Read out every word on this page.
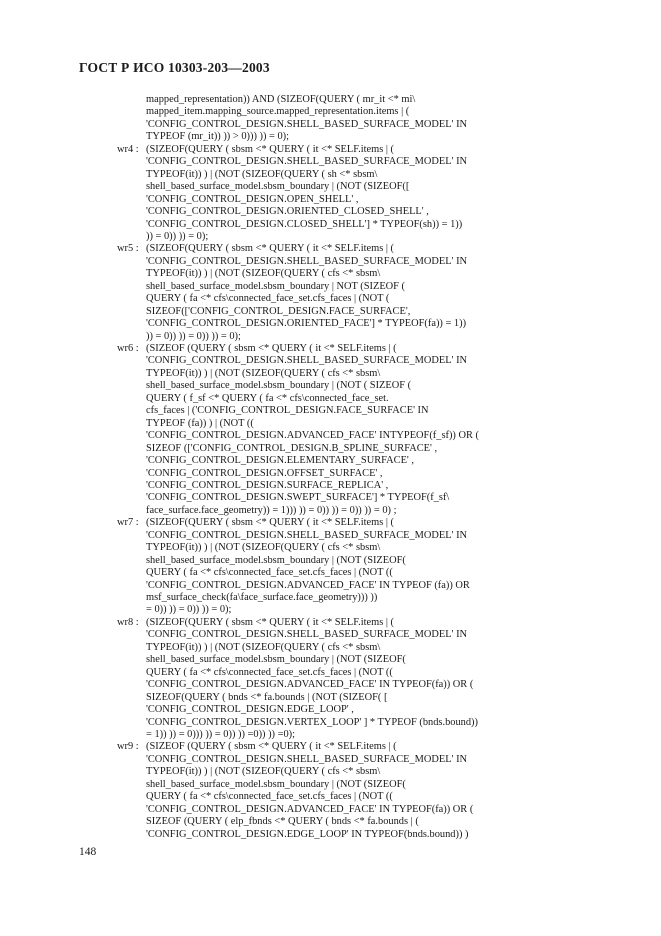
ГОСТ Р ИСО 10303-203—2003
mapped_representation)) AND (SIZEOF(QUERY ( mr_it <* mi\
mapped_item.mapping_source.mapped_representation.items | (
'CONFIG_CONTROL_DESIGN.SHELL_BASED_SURFACE_MODEL' IN
TYPEOF (mr_it)) )) > 0))) )) = 0);
wr4 : (SIZEOF(QUERY ( sbsm <* QUERY ( it <* SELF.items | (
'CONFIG_CONTROL_DESIGN.SHELL_BASED_SURFACE_MODEL' IN
TYPEOF(it)) ) | (NOT (SIZEOF(QUERY ( sh <* sbsm\
shell_based_surface_model.sbsm_boundary | (NOT (SIZEOF([
'CONFIG_CONTROL_DESIGN.OPEN_SHELL' ,
'CONFIG_CONTROL_DESIGN.ORIENTED_CLOSED_SHELL' ,
'CONFIG_CONTROL_DESIGN.CLOSED_SHELL'] * TYPEOF(sh)) = 1))
)) = 0)) )) = 0);
wr5 : (SIZEOF(QUERY ( sbsm <* QUERY ( it <* SELF.items | (
'CONFIG_CONTROL_DESIGN.SHELL_BASED_SURFACE_MODEL' IN
TYPEOF(it)) ) | (NOT (SIZEOF(QUERY ( cfs <* sbsm\
shell_based_surface_model.sbsm_boundary | NOT (SIZEOF (
QUERY ( fa <* cfs\connected_face_set.cfs_faces | (NOT (
SIZEOF(['CONFIG_CONTROL_DESIGN.FACE_SURFACE',
'CONFIG_CONTROL_DESIGN.ORIENTED_FACE'] * TYPEOF(fa)) = 1))
)) = 0)) )) = 0)) )) = 0);
wr6 : (SIZEOF (QUERY ( sbsm <* QUERY ( it <* SELF.items | (
'CONFIG_CONTROL_DESIGN.SHELL_BASED_SURFACE_MODEL' IN
TYPEOF(it)) ) | (NOT (SIZEOF(QUERY ( cfs <* sbsm\
shell_based_surface_model.sbsm_boundary | (NOT ( SIZEOF (
QUERY ( f_sf <* QUERY ( fa <* cfs\connected_face_set.
cfs_faces | ('CONFIG_CONTROL_DESIGN.FACE_SURFACE' IN
TYPEOF (fa)) ) | (NOT ((
'CONFIG_CONTROL_DESIGN.ADVANCED_FACE' INTYPEOF(f_sf)) OR (
SIZEOF (['CONFIG_CONTROL_DESIGN.B_SPLINE_SURFACE' ,
'CONFIG_CONTROL_DESIGN.ELEMENTARY_SURFACE' ,
'CONFIG_CONTROL_DESIGN.OFFSET_SURFACE' ,
'CONFIG_CONTROL_DESIGN.SURFACE_REPLICA' ,
'CONFIG_CONTROL_DESIGN.SWEPT_SURFACE'] * TYPEOF(f_sf\
face_surface.face_geometry)) = 1))) )) = 0)) )) = 0)) )) = 0) ;
wr7 : (SIZEOF(QUERY ( sbsm <* QUERY ( it <* SELF.items | (
'CONFIG_CONTROL_DESIGN.SHELL_BASED_SURFACE_MODEL' IN
TYPEOF(it)) ) | (NOT (SIZEOF(QUERY ( cfs <* sbsm\
shell_based_surface_model.sbsm_boundary | (NOT (SIZEOF(
QUERY ( fa <* cfs\connected_face_set.cfs_faces | (NOT ((
'CONFIG_CONTROL_DESIGN.ADVANCED_FACE' IN TYPEOF (fa)) OR
msf_surface_check(fa\face_surface.face_geometry))) ))
= 0)) )) = 0)) )) = 0);
wr8 : (SIZEOF(QUERY ( sbsm <* QUERY ( it <* SELF.items | (
'CONFIG_CONTROL_DESIGN.SHELL_BASED_SURFACE_MODEL' IN
TYPEOF(it)) ) | (NOT (SIZEOF(QUERY ( cfs <* sbsm\
shell_based_surface_model.sbsm_boundary | (NOT (SIZEOF(
QUERY ( fa <* cfs\connected_face_set.cfs_faces | (NOT ((
'CONFIG_CONTROL_DESIGN.ADVANCED_FACE' IN TYPEOF(fa)) OR (
SIZEOF(QUERY ( bnds <* fa.bounds | (NOT (SIZEOF( [
'CONFIG_CONTROL_DESIGN.EDGE_LOOP' ,
'CONFIG_CONTROL_DESIGN.VERTEX_LOOP' ] * TYPEOF (bnds.bound))
= 1)) )) = 0))) )) = 0)) )) =0)) )) =0);
wr9 : (SIZEOF (QUERY ( sbsm <* QUERY ( it <* SELF.items | (
'CONFIG_CONTROL_DESIGN.SHELL_BASED_SURFACE_MODEL' IN
TYPEOF(it)) ) | (NOT (SIZEOF(QUERY ( cfs <* sbsm\
shell_based_surface_model.sbsm_boundary | (NOT (SIZEOF(
QUERY ( fa <* cfs\connected_face_set.cfs_faces | (NOT ((
'CONFIG_CONTROL_DESIGN.ADVANCED_FACE' IN TYPEOF(fa)) OR (
SIZEOF (QUERY ( elp_fbnds <* QUERY ( bnds <* fa.bounds | (
'CONFIG_CONTROL_DESIGN.EDGE_LOOP' IN TYPEOF(bnds.bound)) )
148
